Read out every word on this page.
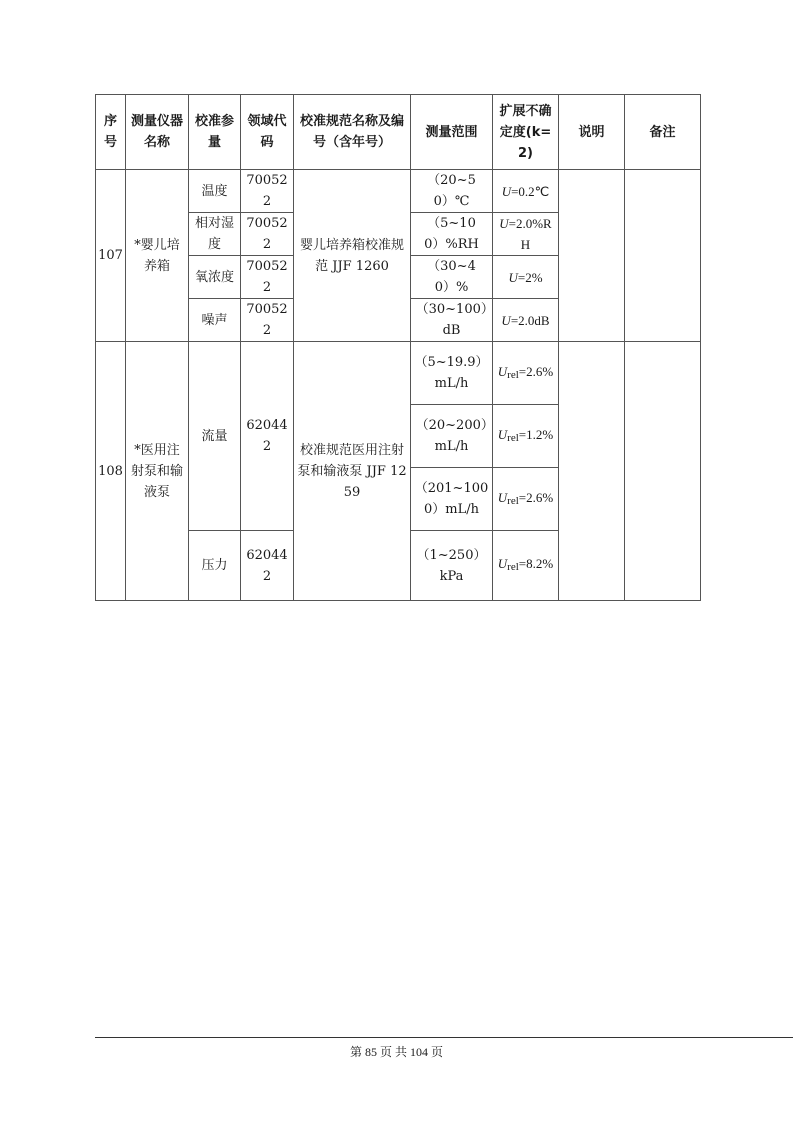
序号	测量仪器名称	校准参量	领域代码	校准规范名称及编号（含年号）	测量范围	扩展不确定度(k=2)	说明	备注
107	*婴儿培养箱	温度	700522	婴儿培养箱校准规范 JJF 1260	（20~50）℃	U=0.2℃		
		相对湿度	700522		（5~100）%RH	U=2.0%RH		
		氧浓度	700522		（30~40）%	U=2%		
		噪声	700522		（30~100）dB	U=2.0dB		
108	*医用注射泵和输液泵	流量	620442	校准规范医用注射泵和输液泵 JJF 1259	（5~19.9）mL/h	$U_{rel}=2.6\%$		
					（20~200）mL/h	$U_{rel}=1.2\%$		
					（201~1000）mL/h	$U_{rel}=2.6\%$		
		压力	620442		（1~250）kPa	$U_{rel}=8.2\%$		
第 85 页 共 104 页
